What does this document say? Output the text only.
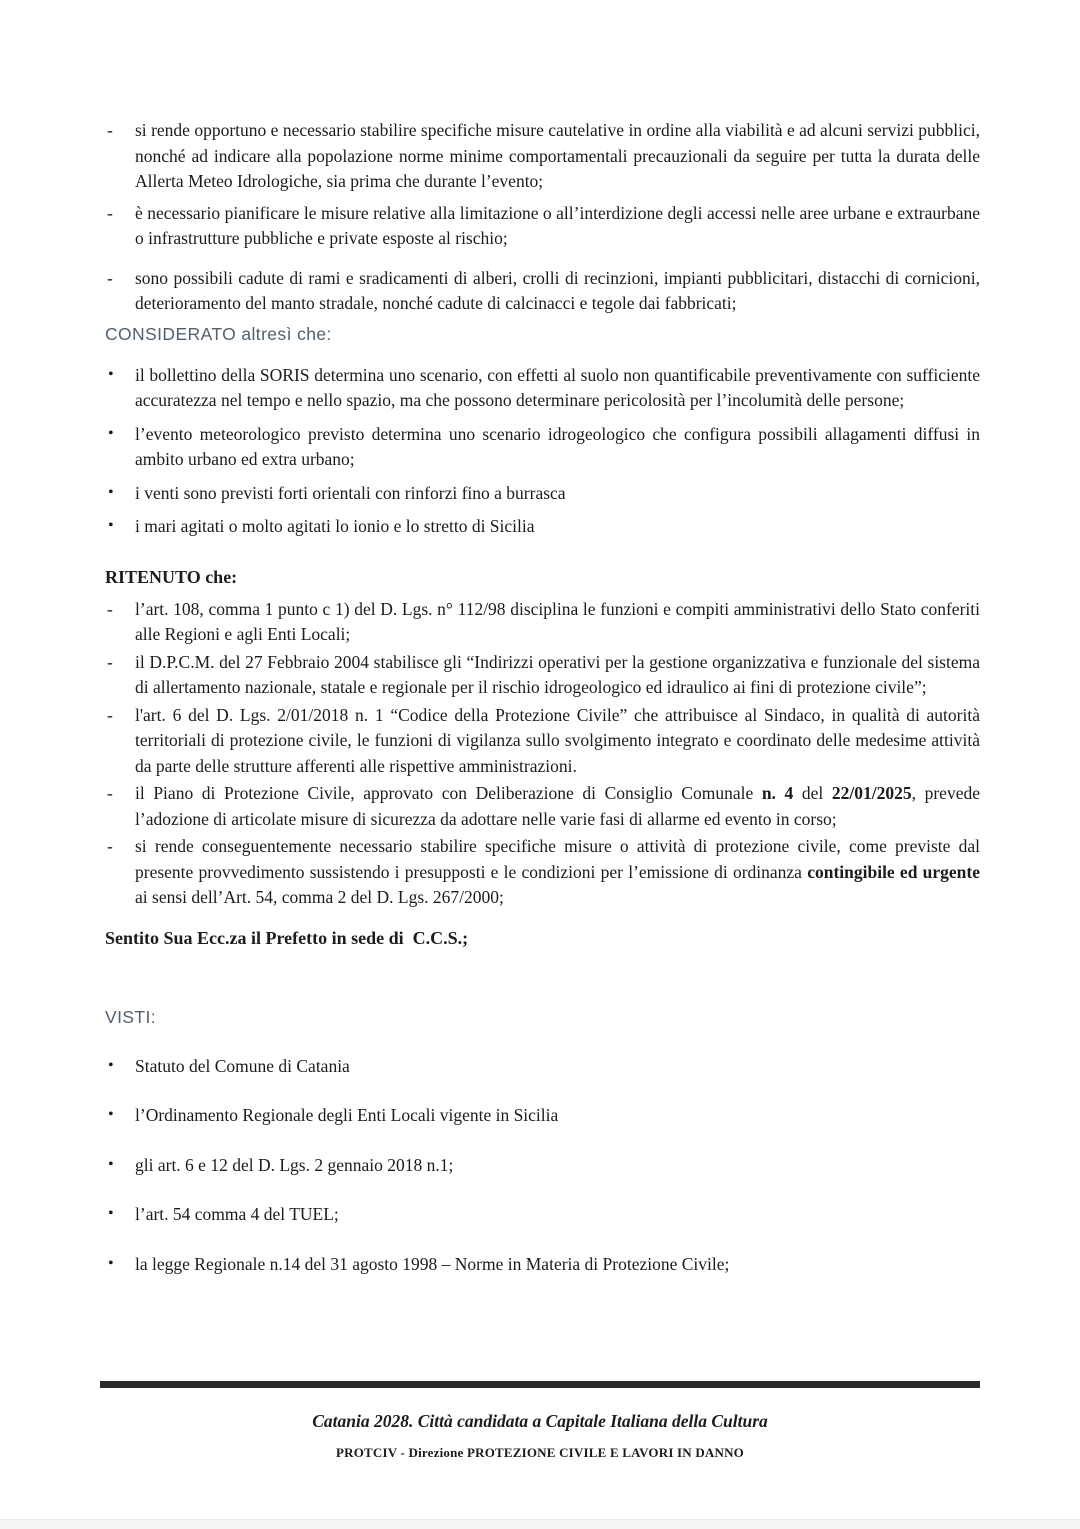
- si rende opportuno e necessario stabilire specifiche misure cautelative in ordine alla viabilità e ad alcuni servizi pubblici, nonché ad indicare alla popolazione norme minime comportamentali precauzionali da seguire per tutta la durata delle Allerta Meteo Idrologiche, sia prima che durante l’evento;
- è necessario pianificare le misure relative alla limitazione o all’interdizione degli accessi nelle aree urbane e extraurbane o infrastrutture pubbliche e private esposte al rischio;
- sono possibili cadute di rami e sradicamenti di alberi, crolli di recinzioni, impianti pubblicitari, distacchi di cornicioni, deterioramento del manto stradale, nonché cadute di calcinacci e tegole dai fabbricati;
CONSIDERATO altresì che:
• il bollettino della SORIS determina uno scenario, con effetti al suolo non quantificabile preventivamente con sufficiente accuratezza nel tempo e nello spazio, ma che possono determinare pericolosità per l’incolumità delle persone;
• l’evento meteorologico previsto determina uno scenario idrogeologico che configura possibili allagamenti diffusi in ambito urbano ed extra urbano;
• i venti sono previsti forti orientali con rinforzi fino a burrasca
• i mari agitati o molto agitati lo ionio e lo stretto di Sicilia
RITENUTO che:
- l’art. 108, comma 1 punto c 1) del D. Lgs. n° 112/98 disciplina le funzioni e compiti amministrativi dello Stato conferiti alle Regioni e agli Enti Locali;
- il D.P.C.M. del 27 Febbraio 2004 stabilisce gli “Indirizzi operativi per la gestione organizzativa e funzionale del sistema di allertamento nazionale, statale e regionale per il rischio idrogeologico ed idraulico ai fini di protezione civile”;
- l'art. 6 del D. Lgs. 2/01/2018 n. 1 “Codice della Protezione Civile” che attribuisce al Sindaco, in qualità di autorità territoriali di protezione civile, le funzioni di vigilanza sullo svolgimento integrato e coordinato delle medesime attività da parte delle strutture afferenti alle rispettive amministrazioni.
- il Piano di Protezione Civile, approvato con Deliberazione di Consiglio Comunale n. 4 del 22/01/2025, prevede l’adozione di articolate misure di sicurezza da adottare nelle varie fasi di allarme ed evento in corso;
- si rende conseguentemente necessario stabilire specifiche misure o attività di protezione civile, come previste dal presente provvedimento sussistendo i presupposti e le condizioni per l’emissione di ordinanza contingibile ed urgente ai sensi dell’Art. 54, comma 2 del D. Lgs. 267/2000;

Sentito Sua Ecc.za il Prefetto in sede di  C.C.S.;

VISTI:
• Statuto del Comune di Catania
• l’Ordinamento Regionale degli Enti Locali vigente in Sicilia
• gli art. 6 e 12 del D. Lgs. 2 gennaio 2018 n.1;
• l’art. 54 comma 4 del TUEL;
• la legge Regionale n.14 del 31 agosto 1998 – Norme in Materia di Protezione Civile;
Catania 2028. Città candidata a Capitale Italiana della Cultura
PROTCIV - Direzione PROTEZIONE CIVILE E LAVORI IN DANNO
